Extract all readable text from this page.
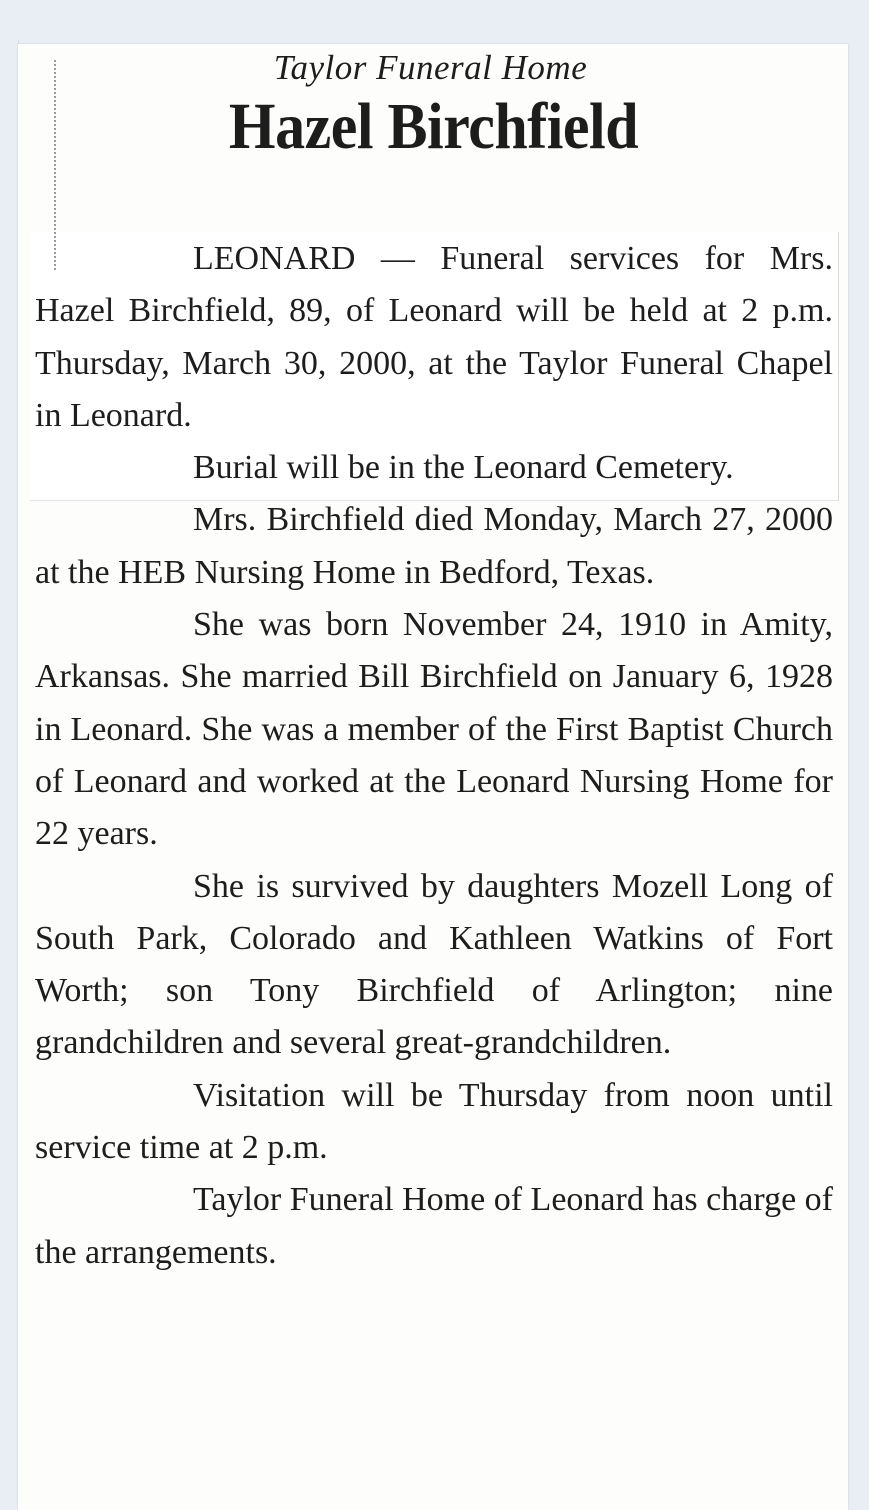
Taylor Funeral Home
Hazel Birchfield

LEONARD — Funeral services for Mrs. Hazel Birchfield, 89, of Leonard will be held at 2 p.m. Thursday, March 30, 2000, at the Taylor Funeral Chapel in Leonard.

Burial will be in the Leonard Cemetery.

Mrs. Birchfield died Monday, March 27, 2000 at the HEB Nursing Home in Bedford, Texas.

She was born November 24, 1910 in Amity, Arkansas. She married Bill Birchfield on January 6, 1928 in Leonard. She was a member of the First Baptist Church of Leonard and worked at the Leonard Nursing Home for 22 years.

She is survived by daughters Mozell Long of South Park, Colorado and Kathleen Watkins of Fort Worth; son Tony Birchfield of Arlington; nine grandchildren and several great-grandchildren.

Visitation will be Thursday from noon until service time at 2 p.m.

Taylor Funeral Home of Leonard has charge of the arrangements.
